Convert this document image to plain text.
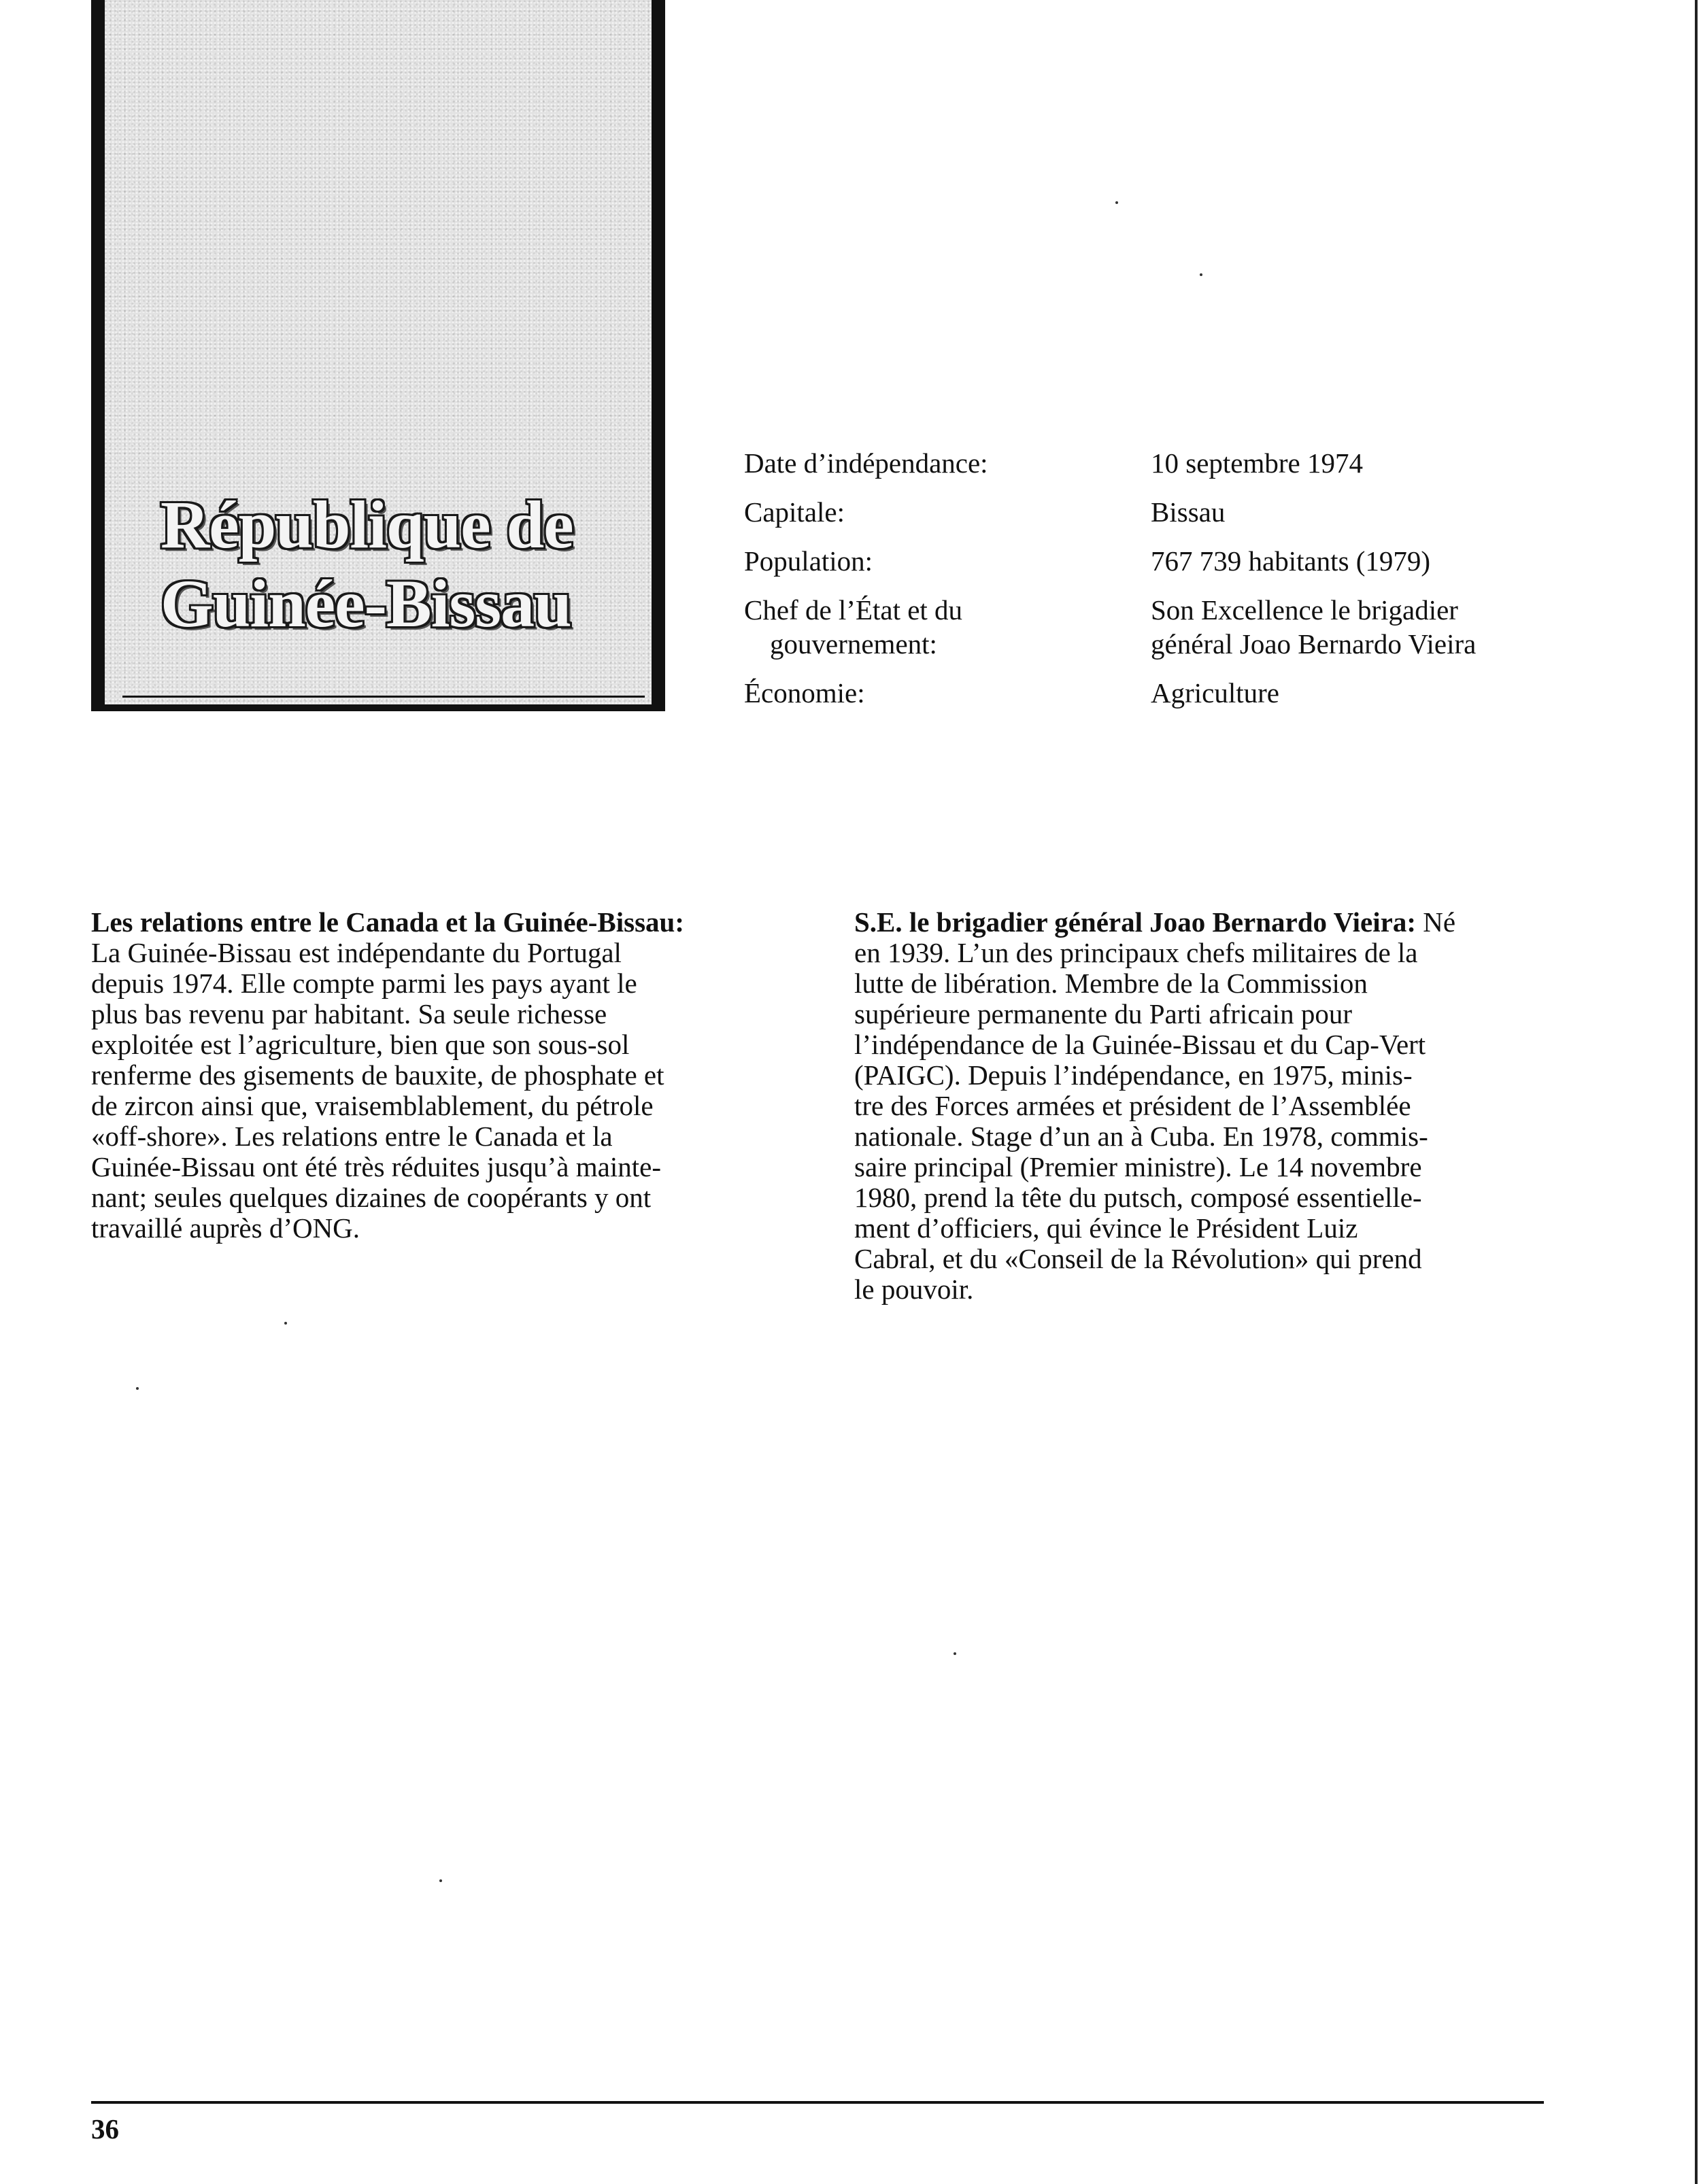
République de
Guinée-Bissau
Date d’indépendance:	10 septembre 1974
Capitale:	Bissau
Population:	767 739 habitants (1979)
Chef de l’État et du
gouvernement:
Son Excellence le brigadier
général Joao Bernardo Vieira
Économie:	Agriculture
Les relations entre le Canada et la Guinée-Bissau:
La Guinée-Bissau est indépendante du Portugal
depuis 1974. Elle compte parmi les pays ayant le
plus bas revenu par habitant. Sa seule richesse
exploitée est l’agriculture, bien que son sous-sol
renferme des gisements de bauxite, de phosphate et
de zircon ainsi que, vraisemblablement, du pétrole
«off-shore». Les relations entre le Canada et la
Guinée-Bissau ont été très réduites jusqu’à mainte-
nant; seules quelques dizaines de coopérants y ont
travaillé auprès d’ONG.
S.E. le brigadier général Joao Bernardo Vieira: Né
en 1939. L’un des principaux chefs militaires de la
lutte de libération. Membre de la Commission
supérieure permanente du Parti africain pour
l’indépendance de la Guinée-Bissau et du Cap-Vert
(PAIGC). Depuis l’indépendance, en 1975, minis-
tre des Forces armées et président de l’Assemblée
nationale. Stage d’un an à Cuba. En 1978, commis-
saire principal (Premier ministre). Le 14 novembre
1980, prend la tête du putsch, composé essentielle-
ment d’officiers, qui évince le Président Luiz
Cabral, et du «Conseil de la Révolution» qui prend
le pouvoir.
36
